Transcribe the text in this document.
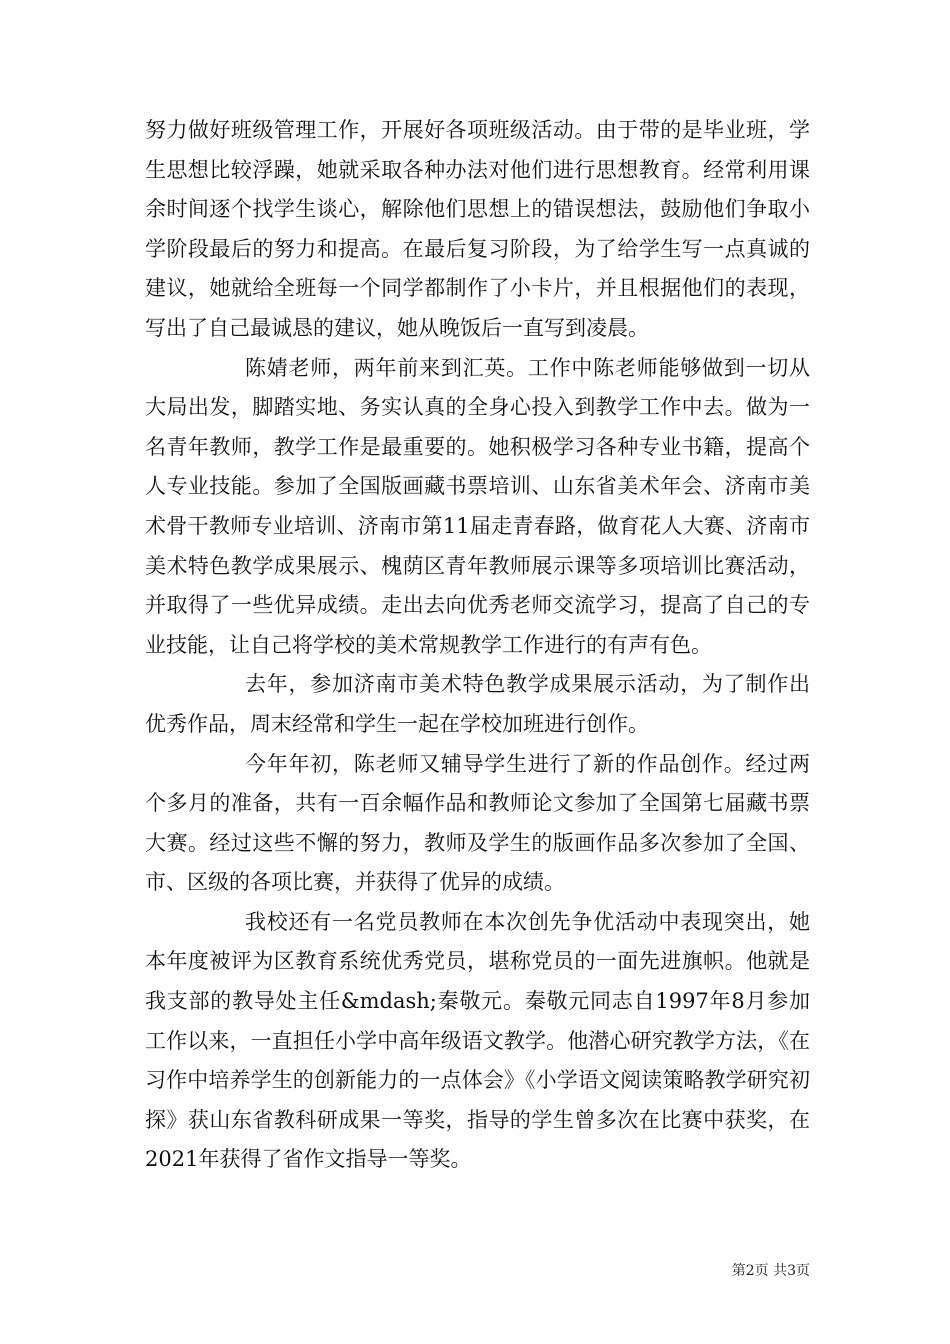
努力做好班级管理工作，开展好各项班级活动。由于带的是毕业班，学生思想比较浮躁，她就采取各种办法对他们进行思想教育。经常利用课余时间逐个找学生谈心，解除他们思想上的错误想法，鼓励他们争取小学阶段最后的努力和提高。在最后复习阶段，为了给学生写一点真诚的建议，她就给全班每一个同学都制作了小卡片，并且根据他们的表现，写出了自己最诚恳的建议，她从晚饭后一直写到凌晨。

陈婧老师，两年前来到汇英。工作中陈老师能够做到一切从大局出发，脚踏实地、务实认真的全身心投入到教学工作中去。做为一名青年教师，教学工作是最重要的。她积极学习各种专业书籍，提高个人专业技能。参加了全国版画藏书票培训、山东省美术年会、济南市美术骨干教师专业培训、济南市第11届走青春路，做育花人大赛、济南市美术特色教学成果展示、槐荫区青年教师展示课等多项培训比赛活动，并取得了一些优异成绩。走出去向优秀老师交流学习，提高了自己的专业技能，让自己将学校的美术常规教学工作进行的有声有色。

去年，参加济南市美术特色教学成果展示活动，为了制作出优秀作品，周末经常和学生一起在学校加班进行创作。

今年年初，陈老师又辅导学生进行了新的作品创作。经过两个多月的准备，共有一百余幅作品和教师论文参加了全国第七届藏书票大赛。经过这些不懈的努力，教师及学生的版画作品多次参加了全国、市、区级的各项比赛，并获得了优异的成绩。

我校还有一名党员教师在本次创先争优活动中表现突出，她本年度被评为区教育系统优秀党员，堪称党员的一面先进旗帜。他就是我支部的教导处主任&mdash;秦敬元。秦敬元同志自1997年8月参加工作以来，一直担任小学中高年级语文教学。他潜心研究教学方法，《在习作中培养学生的创新能力的一点体会》《小学语文阅读策略教学研究初探》获山东省教科研成果一等奖，指导的学生曾多次在比赛中获奖，在2021年获得了省作文指导一等奖。

第2页 共3页
